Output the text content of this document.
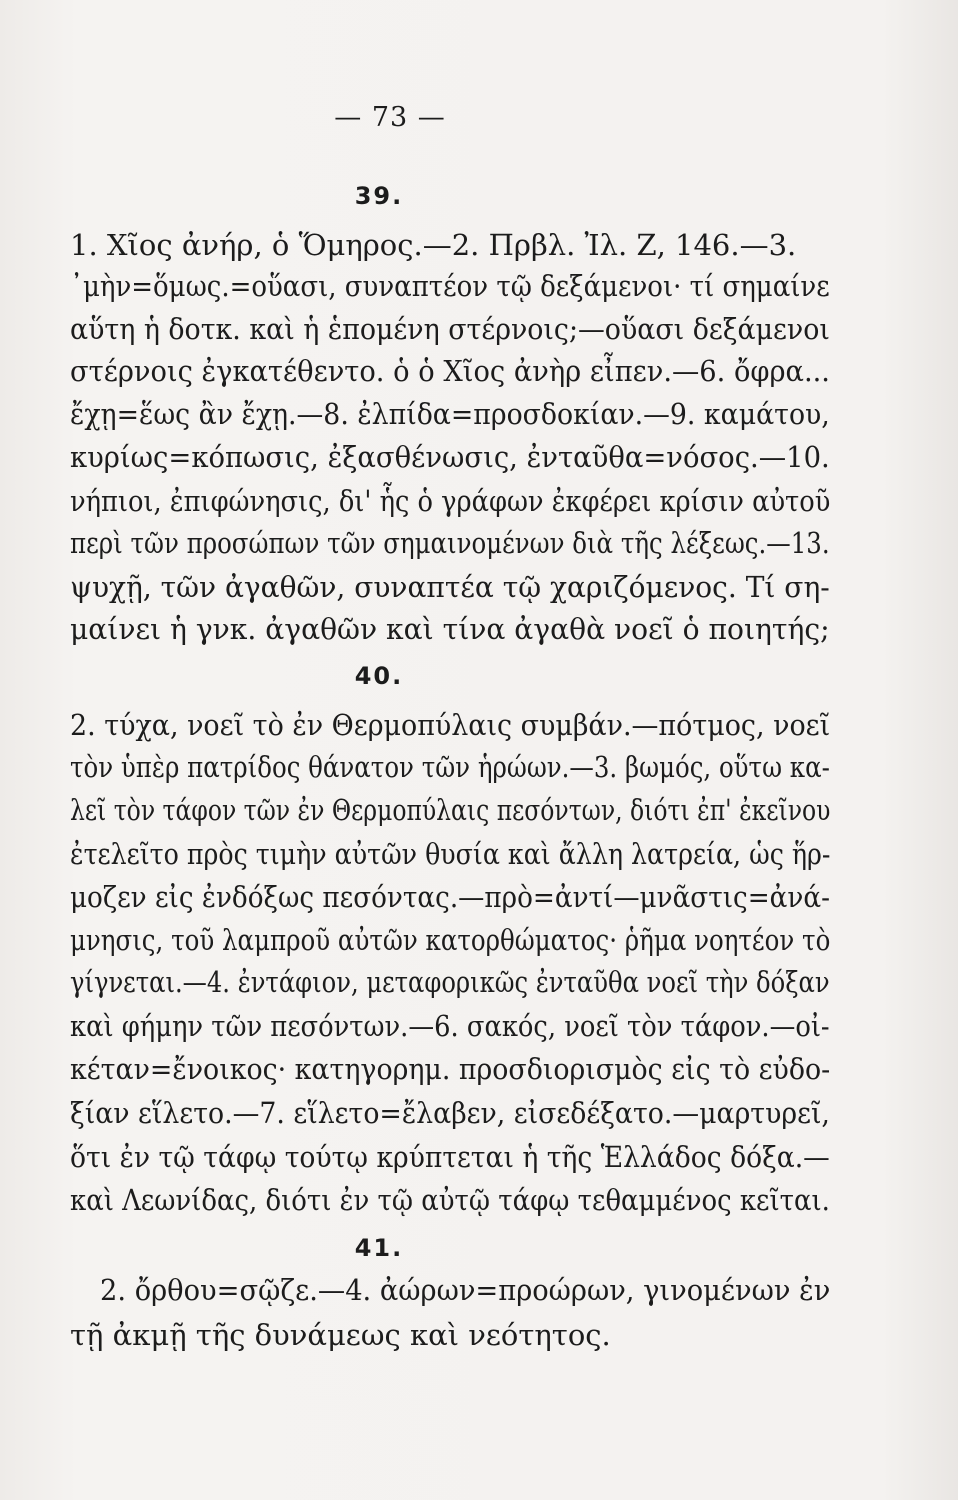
— 73 —
39.
1. Χῖος ἀνήρ, ὁ Ὅμηρος.—2. Πρβλ. Ἰλ. Ζ, 146.—3.
᾿μὴν=ὅμως.=οὕασι, συναπτέον τῷ δεξάμενοι· τί σημαίνε
αὕτη ἡ δοτκ. καὶ ἡ ἑπομένη στέρνοις;—οὕασι δεξάμενοι
στέρνοις ἐγκατέθεντο. ὁ ὁ Χῖος ἀνὴρ εἶπεν.—6. ὄφρα...
ἔχῃ=ἕως ἂν ἔχῃ.—8. ἐλπίδα=προσδοκίαν.—9. καμάτου,
κυρίως=κόπωσις, ἐξασθένωσις, ἐνταῦθα=νόσος.—10.
νήπιοι, ἐπιφώνησις, δι' ἧς ὁ γράφων ἐκφέρει κρίσιν αὐτοῦ
περὶ τῶν προσώπων τῶν σημαινομένων διὰ τῆς λέξεως.—13.
ψυχῇ, τῶν ἀγαθῶν, συναπτέα τῷ χαριζόμενος. Τί ση-
μαίνει ἡ γνκ. ἀγαθῶν καὶ τίνα ἀγαθὰ νοεῖ ὁ ποιητής;
40.
2. τύχα, νοεῖ τὸ ἐν Θερμοπύλαις συμβάν.—πότμος, νοεῖ
τὸν ὑπὲρ πατρίδος θάνατον τῶν ἡρώων.—3. βωμός, οὕτω κα-
λεῖ τὸν τάφον τῶν ἐν Θερμοπύλαις πεσόντων, διότι ἐπ' ἐκεῖνου
ἐτελεῖτο πρὸς τιμὴν αὐτῶν θυσία καὶ ἄλλη λατρεία, ὡς ἥρ-
μοζεν εἰς ἐνδόξως πεσόντας.—πρὸ=ἀντί—μνᾶστις=ἀνά-
μνησις, τοῦ λαμπροῦ αὐτῶν κατορθώματος· ῥῆμα νοητέον τὸ
γίγνεται.—4. ἐντάφιον, μεταφορικῶς ἐνταῦθα νοεῖ τὴν δόξαν
καὶ φήμην τῶν πεσόντων.—6. σακός, νοεῖ τὸν τάφον.—οἰ-
κέταν=ἔνοικος· κατηγορημ. προσδιορισμὸς εἰς τὸ εὐδο-
ξίαν εἵλετο.—7. εἵλετο=ἔλαβεν, εἰσεδέξατο.—μαρτυρεῖ,
ὅτι ἐν τῷ τάφῳ τούτῳ κρύπτεται ἡ τῆς Ἑλλάδος δόξα.—
καὶ Λεωνίδας, διότι ἐν τῷ αὐτῷ τάφῳ τεθαμμένος κεῖται.
41.
2. ὄρθου=σῷζε.—4. ἀώρων=προώρων, γινομένων ἐν
τῇ ἀκμῇ τῆς δυνάμεως καὶ νεότητος.
